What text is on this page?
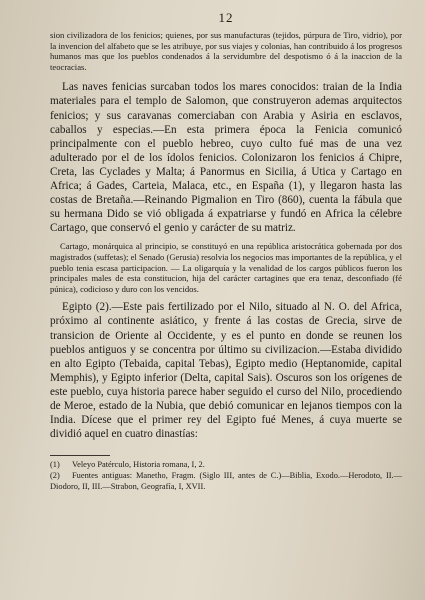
12

sion civilizadora de los fenicios; quienes, por sus manufacturas (tejidos, púrpura de Tiro, vidrio), por la invencion del alfabeto que se les atribuye, por sus viajes y colonias, han contribuido á los progresos humanos mas que los pueblos condenados á la servidumbre del despotismo ó á la inaccion de la teocracias.

Las naves fenicias surcaban todos los mares conocidos: traian de la India materiales para el templo de Salomon, que construyeron ademas arquitectos fenicios; y sus caravanas comerciaban con Arabia y Asiria en esclavos, caballos y especias.—En esta primera época la Fenicia comunicó principalmente con el pueblo hebreo, cuyo culto fué mas de una vez adulterado por el de los ídolos fenicios. Colonizaron los fenicios á Chipre, Creta, las Cyclades y Malta; á Panormus en Sicilia, á Utica y Cartago en Africa; á Gades, Carteia, Malaca, etc., en España (1), y llegaron hasta las costas de Bretaña.—Reinando Pigmalion en Tiro (860), cuenta la fábula que su hermana Dido se vió obligada á expatriarse y fundó en Africa la célebre Cartago, que conservó el genio y carácter de su matriz.

Cartago, monárquica al principio, se constituyó en una república aristocrática gobernada por dos magistrados (suffetas); el Senado (Gerusia) resolvia los negocios mas importantes de la república, y el pueblo tenia escasa participacion. — La oligarquía y la venalidad de los cargos públicos fueron los principales males de esta constitucion, hija del carácter cartagines que era tenaz, desconfiado (fé púnica), codicioso y duro con los vencidos.

Egipto (2).—Este pais fertilizado por el Nilo, situado al N. O. del Africa, próximo al continente asiático, y frente á las costas de Grecia, sirve de transicion de Oriente al Occidente, y es el punto en donde se reunen los pueblos antiguos y se concentra por último su civilizacion.—Estaba dividido en alto Egipto (Tebaida, capital Tebas), Egipto medio (Heptanomide, capital Memphis), y Egipto inferior (Delta, capital Sais). Oscuros son los orígenes de este pueblo, cuya historia parece haber seguido el curso del Nilo, procediendo de Meroe, estado de la Nubia, que debió comunicar en lejanos tiempos con la India. Dícese que el primer rey del Egipto fué Menes, á cuya muerte se dividió aquel en cuatro dinastías:

(1) Veleyo Patérculo, Historia romana, I, 2.

(2) Fuentes antiguas: Manetho, Fragm. (Siglo III, antes de C.)—Biblia, Exodo.—Herodoto, II.—Diodoro, II, III.—Strabon, Geografía, I, XVII.
